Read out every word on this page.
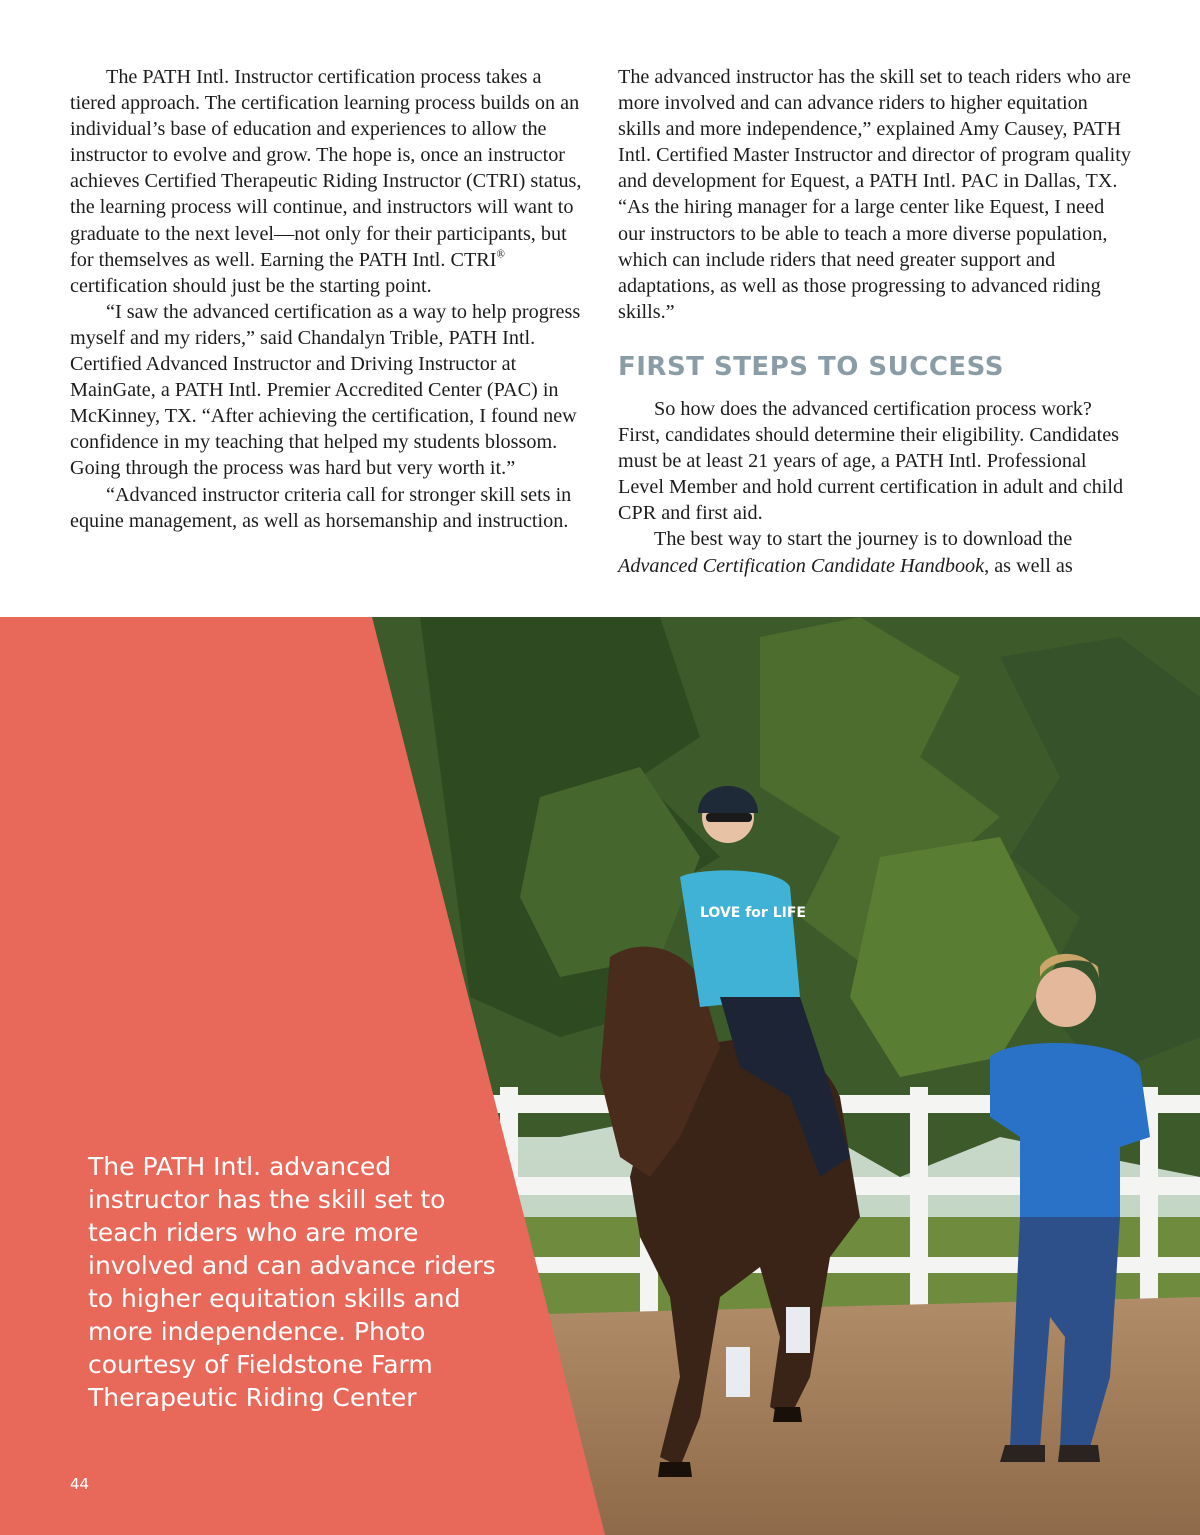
The PATH Intl. Instructor certification process takes a tiered approach. The certification learning process builds on an individual’s base of education and experiences to allow the instructor to evolve and grow. The hope is, once an instructor achieves Certified Therapeutic Riding Instructor (CTRI) status, the learning process will continue, and instructors will want to graduate to the next level—not only for their participants, but for themselves as well. Earning the PATH Intl. CTRI® certification should just be the starting point.

“I saw the advanced certification as a way to help progress myself and my riders,” said Chandalyn Trible, PATH Intl. Certified Advanced Instructor and Driving Instructor at MainGate, a PATH Intl. Premier Accredited Center (PAC) in McKinney, TX. “After achieving the certification, I found new confidence in my teaching that helped my students blossom. Going through the process was hard but very worth it.”

“Advanced instructor criteria call for stronger skill sets in equine management, as well as horsemanship and instruction.

The advanced instructor has the skill set to teach riders who are more involved and can advance riders to higher equitation skills and more independence,” explained Amy Causey, PATH Intl. Certified Master Instructor and director of program quality and development for Equest, a PATH Intl. PAC in Dallas, TX. “As the hiring manager for a large center like Equest, I need our instructors to be able to teach a more diverse population, which can include riders that need greater support and adaptations, as well as those progressing to advanced riding skills.”

FIRST STEPS TO SUCCESS

So how does the advanced certification process work? First, candidates should determine their eligibility. Candidates must be at least 21 years of age, a PATH Intl. Professional Level Member and hold current certification in adult and child CPR and first aid.

The best way to start the journey is to download the Advanced Certification Candidate Handbook, as well as

LOVE for LIFE
The PATH Intl. advanced instructor has the skill set to teach riders who are more involved and can advance riders to higher equitation skills and more independence. Photo courtesy of Fieldstone Farm Therapeutic Riding Center
44
